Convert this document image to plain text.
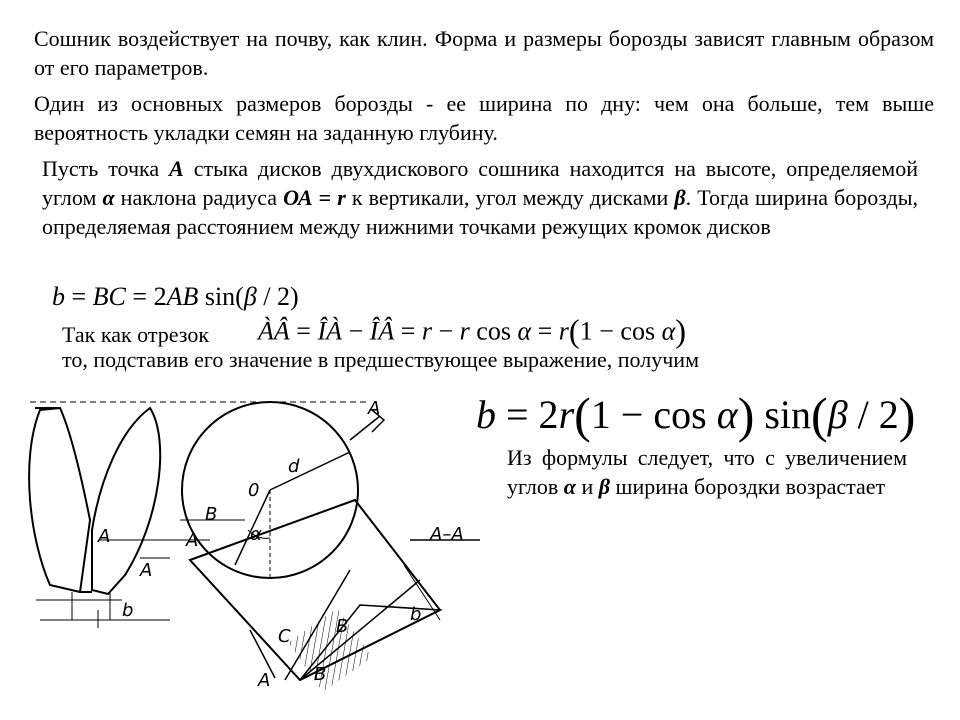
Сошник воздействует на почву, как клин. Форма и размеры борозды зависят главным образом от его параметров.

Один из основных размеров борозды - ее ширина по дну: чем она больше, тем выше вероятность укладки семян на заданную глубину.

Пусть точка А стыка дисков двухдискового сошника находится на высоте, определяемой углом α наклона радиуса ОА = r к вертикали, угол между дисками β. Тогда ширина борозды, определяемая расстоянием между нижними точками режущих кромок дисков

b = BC = 2AB sin(β / 2)
Так как отрезок ÀÂ = ÎÀ − ÎÂ = r − r cos α = r(1 − cos α)
то, подставив его значение в предшествующее выражение, получим
b = 2r(1 − cos α) sin(β / 2)

Из формулы следует, что с увеличением углов α и β ширина бороздки возрастает

A
0
d
α
B
A
A
A
b
A–A
b
B
C
B
A
